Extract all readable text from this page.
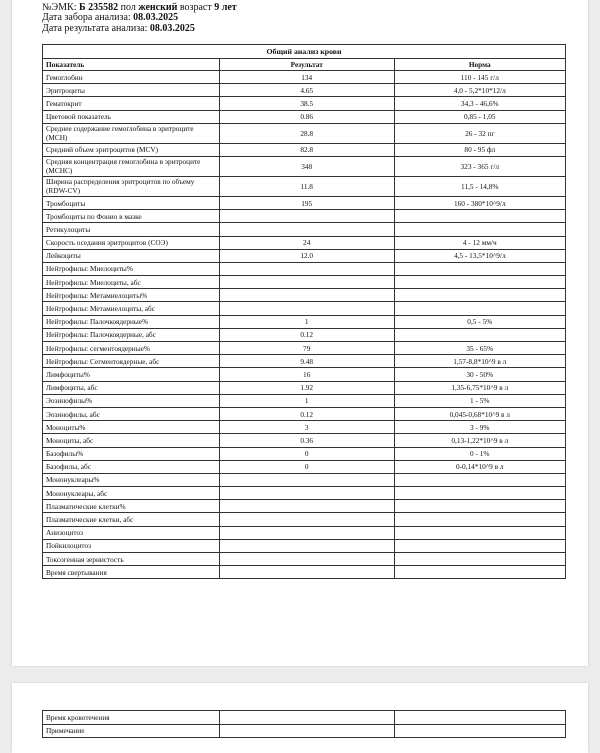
№ЭМК: Б 235582 пол женский возраст 9 лет
Дата забора анализа: 08.03.2025
Дата результата анализа: 08.03.2025
Общий анализ крови		
Показатель	Результат	Норма
Гемоглобин	134	110 - 145 г/л
Эритроциты	4.65	4,0 - 5,2*10*12/л
Гематокрит	38.5	34,3 - 46,6%
Цветовой показатель	0.86	0,85 - 1,05
Среднее содержание гемоглобина в эритроците (MCH)	28.8	26 - 32 пг
Средний объем эритроцитов (MCV)	82.8	80 - 95 фл
Средняя концентрация гемоглобина в эритроците (MCHC)	348	323 - 365 г/л
Ширина распределения эритроцитов по объему (RDW-CV)	11.8	11,5 - 14,8%
Тромбоциты	195	160 - 380*10^9/л
Тромбоциты по Фонио в мазке		
Ретикулоциты		
Скорость оседания эритроцитов (СОЭ)	24	4 - 12 мм/ч
Лейкоциты	12.0	4,5 - 13,5*10^9/л
Нейтрофилы: Миелоциты%		
Нейтрофилы: Миелоциты, абс		
Нейтрофилы: Метамиелоциты%		
Нейтрофилы: Метамиелоциты, абс		
Нейтрофилы: Палочкоядерные%	1	0,5 - 5%
Нейтрофилы: Палочкоядерные, абс	0.12	
Нейтрофилы: сегментоядерные%	79	35 - 65%
Нейтрофилы: Сегментоядерные, абс	9.48	1,57-8,8*10^9 в л
Лимфоциты%	16	30 - 50%
Лимфоциты, абс	1.92	1,35-6,75*10^9 в л
Эозинофилы%	1	1 - 5%
Эозинофилы, абс	0.12	0,045-0,68*10^9 в л
Моноциты%	3	3 - 9%
Моноциты, абс	0.36	0,13-1,22*10^9 в л
Базофилы%	0	0 - 1%
Базофилы, абс	0	0-0,14*10^9 в л
Мононуклеары%		
Мононуклеары, абс		
Плазматические клетки%		
Плазматические клетки, абс		
Анизоцитоз		
Пойкилоцитоз		
Токсогенная зернистость		
Время свертывания		
Время кровотечения		
Примечание		
